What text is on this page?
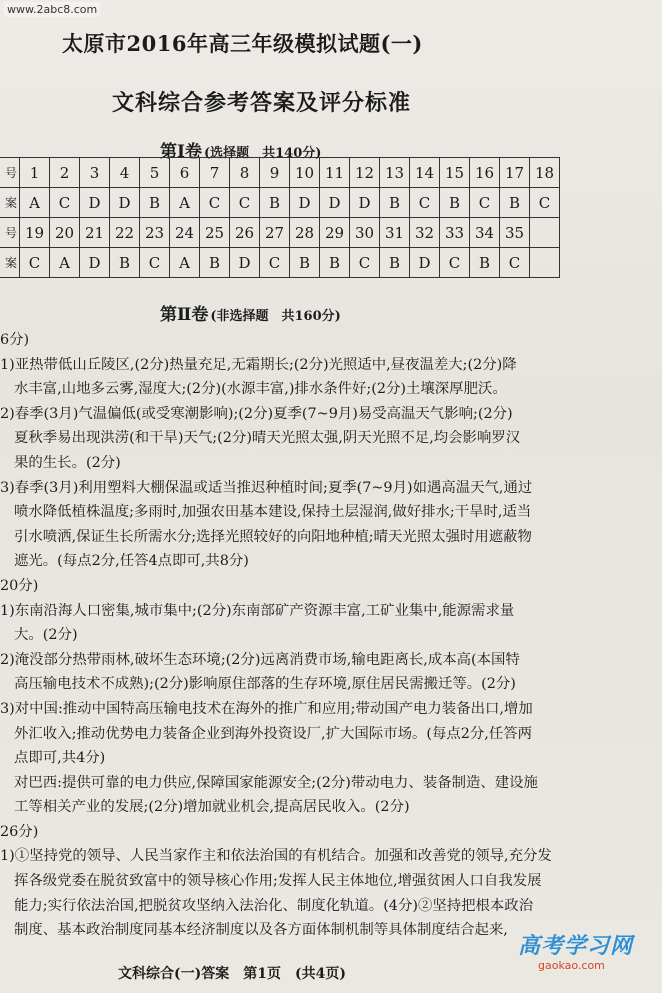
www.2abc8.com
太原市2016年高三年级模拟试题(一)
文科综合参考答案及评分标准
第Ⅰ卷 (选择题　共140分)
号	1	2	3	4	5	6	7	8	9	10	11	12	13	14	15	16	17	18
案	A	C	D	D	B	A	C	C	B	D	D	D	B	C	B	C	B	C
号	19	20	21	22	23	24	25	26	27	28	29	30	31	32	33	34	35	
案	C	A	D	B	C	A	B	D	C	B	B	C	B	D	C	B	C	
第Ⅱ卷 (非选择题　共160分)
6分)
1)亚热带低山丘陵区,(2分)热量充足,无霜期长;(2分)光照适中,昼夜温差大;(2分)降
水丰富,山地多云雾,湿度大;(2分)(水源丰富,)排水条件好;(2分)土壤深厚肥沃。
2)春季(3月)气温偏低(或受寒潮影响);(2分)夏季(7~9月)易受高温天气影响;(2分)
夏秋季易出现洪涝(和干旱)天气;(2分)晴天光照太强,阴天光照不足,均会影响罗汉
果的生长。(2分)
3)春季(3月)利用塑料大棚保温或适当推迟种植时间;夏季(7~9月)如遇高温天气,通过
喷水降低植株温度;多雨时,加强农田基本建设,保持土层湿润,做好排水;干旱时,适当
引水喷洒,保证生长所需水分;选择光照较好的向阳地种植;晴天光照太强时用遮蔽物
遮光。(每点2分,任答4点即可,共8分)
20分)
1)东南沿海人口密集,城市集中;(2分)东南部矿产资源丰富,工矿业集中,能源需求量
大。(2分)
2)淹没部分热带雨林,破坏生态环境;(2分)远离消费市场,输电距离长,成本高(本国特
高压输电技术不成熟);(2分)影响原住部落的生存环境,原住居民需搬迁等。(2分)
3)对中国:推动中国特高压输电技术在海外的推广和应用;带动国产电力装备出口,增加
外汇收入;推动优势电力装备企业到海外投资设厂,扩大国际市场。(每点2分,任答两
点即可,共4分)
对巴西:提供可靠的电力供应,保障国家能源安全;(2分)带动电力、装备制造、建设施
工等相关产业的发展;(2分)增加就业机会,提高居民收入。(2分)
26分)
1)①坚持党的领导、人民当家作主和依法治国的有机结合。加强和改善党的领导,充分发
挥各级党委在脱贫致富中的领导核心作用;发挥人民主体地位,增强贫困人口自我发展
能力;实行依法治国,把脱贫攻坚纳入法治化、制度化轨道。(4分)②坚持把根本政治
制度、基本政治制度同基本经济制度以及各方面体制机制等具体制度结合起来,
文科综合(一)答案　第1页　(共4页)
高考学习网
gaokao.com
